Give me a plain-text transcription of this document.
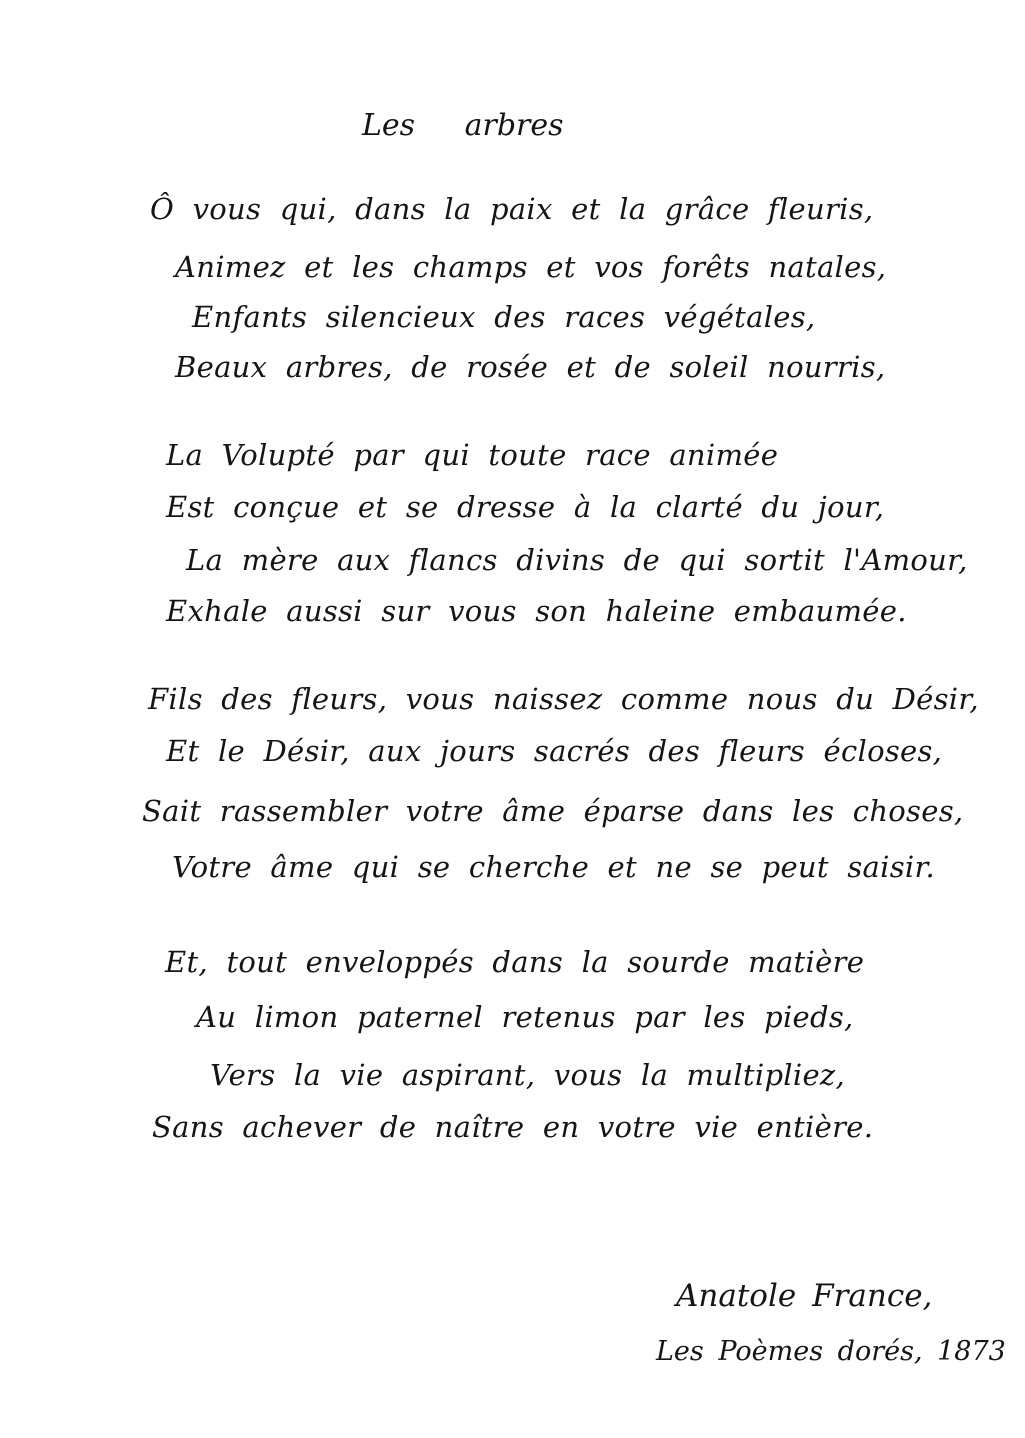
Les arbres
Ô vous qui, dans la paix et la grâce fleuris,
Animez et les champs et vos forêts natales,
Enfants silencieux des races végétales,
Beaux arbres, de rosée et de soleil nourris,
La Volupté par qui toute race animée
Est conçue et se dresse à la clarté du jour,
La mère aux flancs divins de qui sortit l'Amour,
Exhale aussi sur vous son haleine embaumée.
Fils des fleurs, vous naissez comme nous du Désir,
Et le Désir, aux jours sacrés des fleurs écloses,
Sait rassembler votre âme éparse dans les choses,
Votre âme qui se cherche et ne se peut saisir.
Et, tout enveloppés dans la sourde matière
Au limon paternel retenus par les pieds,
Vers la vie aspirant, vous la multipliez,
Sans achever de naître en votre vie entière.
Anatole France,
Les Poèmes dorés, 1873
